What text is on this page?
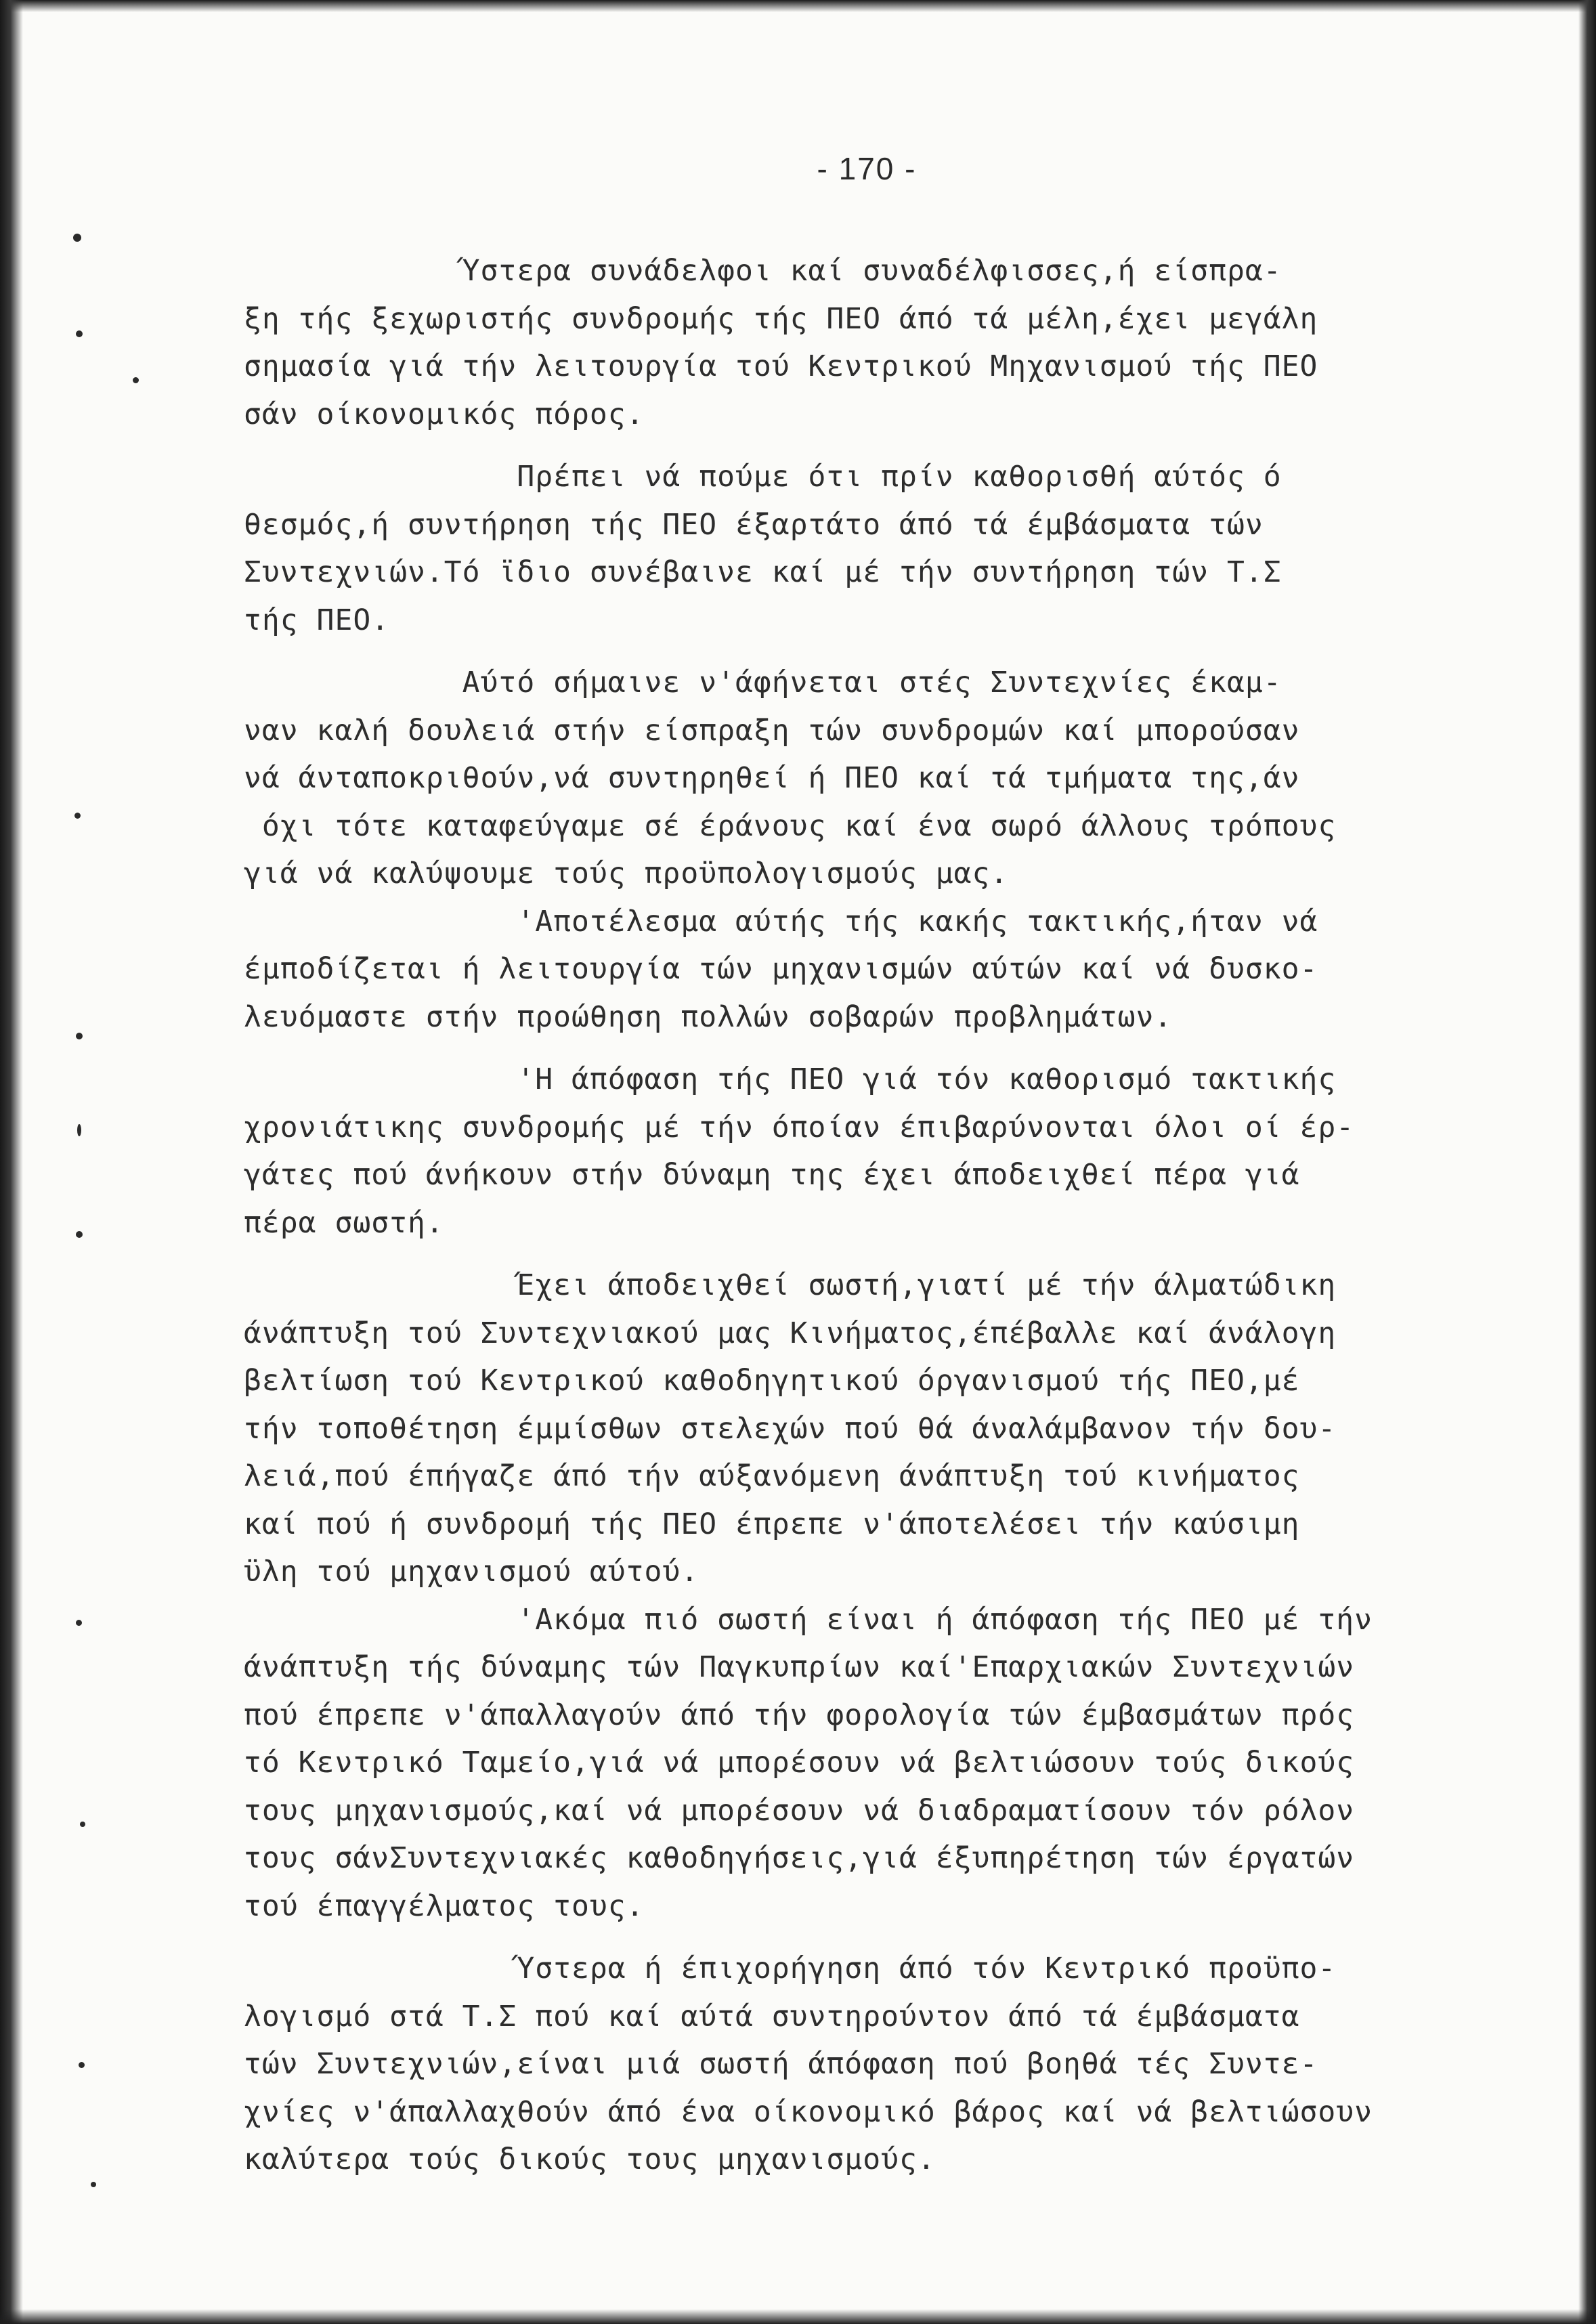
- 170 -
Ύστερα συνάδελφοι καί συναδέλφισσες,ή είσπρα-
ξη τής ξεχωριστής συνδρομής τής ΠΕΟ άπό τά μέλη,έχει μεγάλη
σημασία γιά τήν λειτουργία τού Κεντρικού Μηχανισμού τής ΠΕΟ
σάν οίκονομικός πόρος.
Πρέπει νά πούμε ότι πρίν καθορισθή αύτός ό
θεσμός,ή συντήρηση τής ΠΕΟ έξαρτάτο άπό τά έμβάσματα τών
Συντεχνιών.Τό ϊδιο συνέβαινε καί μέ τήν συντήρηση τών Τ.Σ
τής ΠΕΟ.
Αύτό σήμαινε ν'άφήνεται στές Συντεχνίες έκαμ-
ναν καλή δουλειά στήν είσπραξη τών συνδρομών καί μπορούσαν
νά άνταποκριθούν,νά συντηρηθεί ή ΠΕΟ καί τά τμήματα της,άν
όχι τότε καταφεύγαμε σέ έράνους καί ένα σωρό άλλους τρόπους
γιά νά καλύψουμε τούς προϋπολογισμούς μας.
'Αποτέλεσμα αύτής τής κακής τακτικής,ήταν νά
έμποδίζεται ή λειτουργία τών μηχανισμών αύτών καί νά δυσκο-
λευόμαστε στήν προώθηση πολλών σοβαρών προβλημάτων.
'Η άπόφαση τής ΠΕΟ γιά τόν καθορισμό τακτικής
χρονιάτικης συνδρομής μέ τήν όποίαν έπιβαρύνονται όλοι οί έρ-
γάτες πού άνήκουν στήν δύναμη της έχει άποδειχθεί πέρα γιά
πέρα σωστή.
Έχει άποδειχθεί σωστή,γιατί μέ τήν άλματώδικη
άνάπτυξη τού Συντεχνιακού μας Κινήματος,έπέβαλλε καί άνάλογη
βελτίωση τού Κεντρικού καθοδηγητικού όργανισμού τής ΠΕΟ,μέ
τήν τοποθέτηση έμμίσθων στελεχών πού θά άναλάμβανον τήν δου-
λειά,πού έπήγαζε άπό τήν αύξανόμενη άνάπτυξη τού κινήματος
καί πού ή συνδρομή τής ΠΕΟ έπρεπε ν'άποτελέσει τήν καύσιμη
ϋλη τού μηχανισμού αύτού.
'Ακόμα πιό σωστή είναι ή άπόφαση τής ΠΕΟ μέ τήν
άνάπτυξη τής δύναμης τών Παγκυπρίων καί'Επαρχιακών Συντεχνιών
πού έπρεπε ν'άπαλλαγούν άπό τήν φορολογία τών έμβασμάτων πρός
τό Κεντρικό Ταμείο,γιά νά μπορέσουν νά βελτιώσουν τούς δικούς
τους μηχανισμούς,καί νά μπορέσουν νά διαδραματίσουν τόν ρόλον
τους σάνΣυντεχνιακές καθοδηγήσεις,γιά έξυπηρέτηση τών έργατών
τού έπαγγέλματος τους.
Ύστερα ή έπιχορήγηση άπό τόν Κεντρικό προϋπο-
λογισμό στά Τ.Σ πού καί αύτά συντηρούντον άπό τά έμβάσματα
τών Συντεχνιών,είναι μιά σωστή άπόφαση πού βοηθά τές Συντε-
χνίες ν'άπαλλαχθούν άπό ένα οίκονομικό βάρος καί νά βελτιώσουν
καλύτερα τούς δικούς τους μηχανισμούς.
